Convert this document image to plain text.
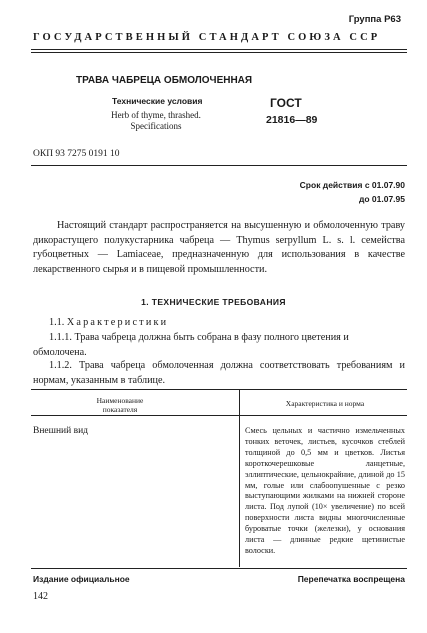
Группа Р63
ГОСУДАРСТВЕННЫЙ СТАНДАРТ СОЮЗА ССР
ТРАВА ЧАБРЕЦА ОБМОЛОЧЕННАЯ
Технические условия
Herb of thyme, thrashed.
Specifications
ГОСТ
21816—89
ОКП 93 7275 0191 10
Срок действия с 01.07.90
до 01.07.95
Настоящий стандарт распространяется на высушенную и обмолоченную траву дикорастущего полукустарника чабреца — Thymus serpyllum L. s. l. семейства губоцветных — Lamiaceae, предназначенную для использования в качестве лекарственного сырья и в пищевой промышленности.
1. ТЕХНИЧЕСКИЕ ТРЕБОВАНИЯ
1.1. Характеристики
1.1.1. Трава чабреца должна быть собрана в фазу полного цветения и обмолочена.
1.1.2. Трава чабреца обмолоченная должна соответствовать требованиям и нормам, указанным в таблице.
Наименование
показателя
Характеристика и норма
Внешний вид	Смесь цельных и частично измельченных тонких веточек, листьев, кусочков стеблей толщиной до 0,5 мм и цветков. Листья короткочерешковые ланцетные, эллиптические, цельнокрайние, длиной до 15 мм, голые или слабоопушенные с резко выступающими жилками на нижней стороне листа. Под лупой (10× увеличение) по всей поверхности листа видны многочисленные буроватые точки (железки), у основания листа — длинные редкие щетинистые волоски.
Издание официальное	Перепечатка воспрещена
142
